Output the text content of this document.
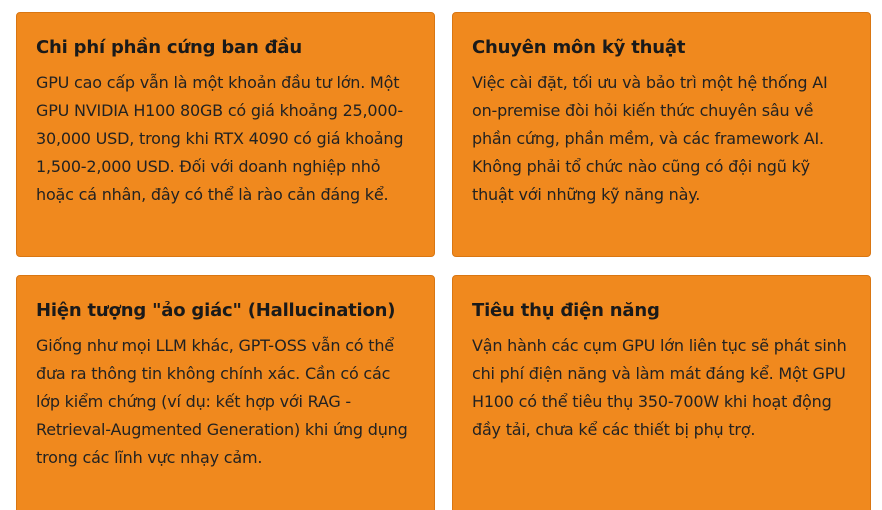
Chi phí phần cứng ban đầu

GPU cao cấp vẫn là một khoản đầu tư lớn. Một GPU NVIDIA H100 80GB có giá khoảng 25,000-30,000 USD, trong khi RTX 4090 có giá khoảng 1,500-2,000 USD. Đối với doanh nghiệp nhỏ hoặc cá nhân, đây có thể là rào cản đáng kể.

Chuyên môn kỹ thuật

Việc cài đặt, tối ưu và bảo trì một hệ thống AI on-premise đòi hỏi kiến thức chuyên sâu về phần cứng, phần mềm, và các framework AI. Không phải tổ chức nào cũng có đội ngũ kỹ thuật với những kỹ năng này.

Hiện tượng "ảo giác" (Hallucination)

Giống như mọi LLM khác, GPT-OSS vẫn có thể đưa ra thông tin không chính xác. Cần có các lớp kiểm chứng (ví dụ: kết hợp với RAG - Retrieval-Augmented Generation) khi ứng dụng trong các lĩnh vực nhạy cảm.

Tiêu thụ điện năng

Vận hành các cụm GPU lớn liên tục sẽ phát sinh chi phí điện năng và làm mát đáng kể. Một GPU H100 có thể tiêu thụ 350-700W khi hoạt động đầy tải, chưa kể các thiết bị phụ trợ.
